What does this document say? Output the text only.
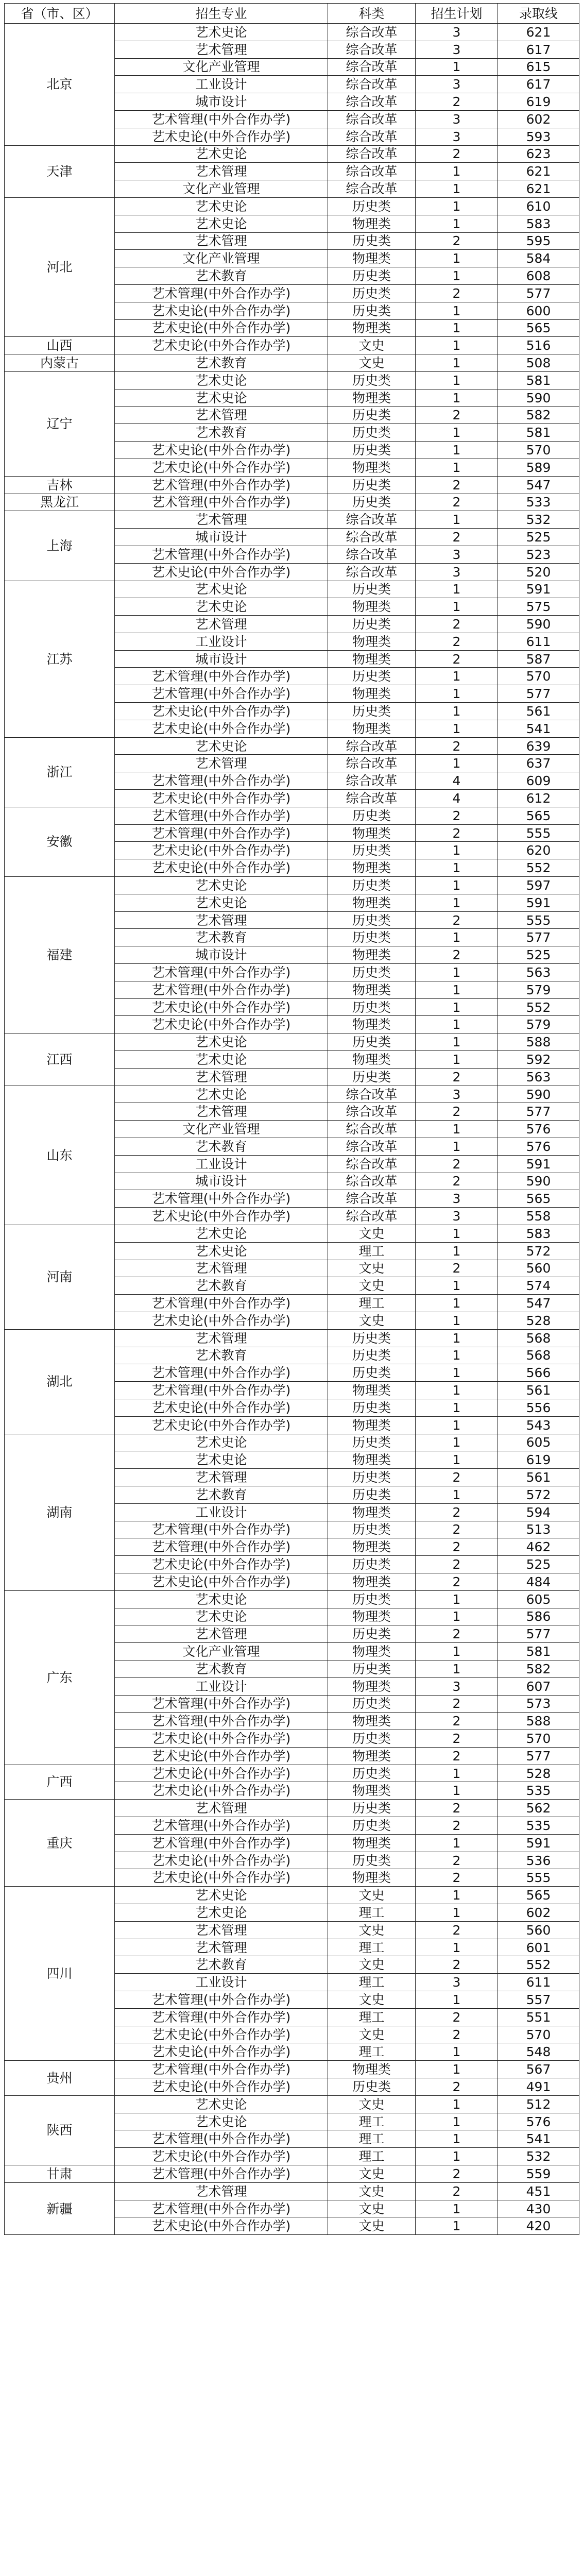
省（市、区）	招生专业	科类	招生计划	录取线
北京	艺术史论	综合改革	3	621
	艺术管理	综合改革	3	617
	文化产业管理	综合改革	1	615
	工业设计	综合改革	3	617
	城市设计	综合改革	2	619
	艺术管理(中外合作办学)	综合改革	3	602
	艺术史论(中外合作办学)	综合改革	3	593
天津	艺术史论	综合改革	2	623
	艺术管理	综合改革	1	621
	文化产业管理	综合改革	1	621
河北	艺术史论	历史类	1	610
	艺术史论	物理类	1	583
	艺术管理	历史类	2	595
	文化产业管理	物理类	1	584
	艺术教育	历史类	1	608
	艺术管理(中外合作办学)	历史类	2	577
	艺术史论(中外合作办学)	历史类	1	600
	艺术史论(中外合作办学)	物理类	1	565
山西	艺术史论(中外合作办学)	文史	1	516
内蒙古	艺术教育	文史	1	508
辽宁	艺术史论	历史类	1	581
	艺术史论	物理类	1	590
	艺术管理	历史类	2	582
	艺术教育	历史类	1	581
	艺术史论(中外合作办学)	历史类	1	570
	艺术史论(中外合作办学)	物理类	1	589
吉林	艺术管理(中外合作办学)	历史类	2	547
黑龙江	艺术管理(中外合作办学)	历史类	2	533
上海	艺术管理	综合改革	1	532
	城市设计	综合改革	2	525
	艺术管理(中外合作办学)	综合改革	3	523
	艺术史论(中外合作办学)	综合改革	3	520
江苏	艺术史论	历史类	1	591
	艺术史论	物理类	1	575
	艺术管理	历史类	2	590
	工业设计	物理类	2	611
	城市设计	物理类	2	587
	艺术管理(中外合作办学)	历史类	1	570
	艺术管理(中外合作办学)	物理类	1	577
	艺术史论(中外合作办学)	历史类	1	561
	艺术史论(中外合作办学)	物理类	1	541
浙江	艺术史论	综合改革	2	639
	艺术管理	综合改革	1	637
	艺术管理(中外合作办学)	综合改革	4	609
	艺术史论(中外合作办学)	综合改革	4	612
安徽	艺术管理(中外合作办学)	历史类	2	565
	艺术管理(中外合作办学)	物理类	2	555
	艺术史论(中外合作办学)	历史类	1	620
	艺术史论(中外合作办学)	物理类	1	552
福建	艺术史论	历史类	1	597
	艺术史论	物理类	1	591
	艺术管理	历史类	2	555
	艺术教育	历史类	1	577
	城市设计	物理类	2	525
	艺术管理(中外合作办学)	历史类	1	563
	艺术管理(中外合作办学)	物理类	1	579
	艺术史论(中外合作办学)	历史类	1	552
	艺术史论(中外合作办学)	物理类	1	579
江西	艺术史论	历史类	1	588
	艺术史论	物理类	1	592
	艺术管理	历史类	2	563
山东	艺术史论	综合改革	3	590
	艺术管理	综合改革	2	577
	文化产业管理	综合改革	1	576
	艺术教育	综合改革	1	576
	工业设计	综合改革	2	591
	城市设计	综合改革	2	590
	艺术管理(中外合作办学)	综合改革	3	565
	艺术史论(中外合作办学)	综合改革	3	558
河南	艺术史论	文史	1	583
	艺术史论	理工	1	572
	艺术管理	文史	2	560
	艺术教育	文史	1	574
	艺术管理(中外合作办学)	理工	1	547
	艺术史论(中外合作办学)	文史	1	528
湖北	艺术管理	历史类	1	568
	艺术教育	历史类	1	568
	艺术管理(中外合作办学)	历史类	1	566
	艺术管理(中外合作办学)	物理类	1	561
	艺术史论(中外合作办学)	历史类	1	556
	艺术史论(中外合作办学)	物理类	1	543
湖南	艺术史论	历史类	1	605
	艺术史论	物理类	1	619
	艺术管理	历史类	2	561
	艺术教育	历史类	1	572
	工业设计	物理类	2	594
	艺术管理(中外合作办学)	历史类	2	513
	艺术管理(中外合作办学)	物理类	2	462
	艺术史论(中外合作办学)	历史类	2	525
	艺术史论(中外合作办学)	物理类	2	484
广东	艺术史论	历史类	1	605
	艺术史论	物理类	1	586
	艺术管理	历史类	2	577
	文化产业管理	物理类	1	581
	艺术教育	历史类	1	582
	工业设计	物理类	3	607
	艺术管理(中外合作办学)	历史类	2	573
	艺术管理(中外合作办学)	物理类	2	588
	艺术史论(中外合作办学)	历史类	2	570
	艺术史论(中外合作办学)	物理类	2	577
广西	艺术史论(中外合作办学)	历史类	1	528
	艺术史论(中外合作办学)	物理类	1	535
重庆	艺术管理	历史类	2	562
	艺术管理(中外合作办学)	历史类	2	535
	艺术管理(中外合作办学)	物理类	1	591
	艺术史论(中外合作办学)	历史类	2	536
	艺术史论(中外合作办学)	物理类	2	555
四川	艺术史论	文史	1	565
	艺术史论	理工	1	602
	艺术管理	文史	2	560
	艺术管理	理工	1	601
	艺术教育	文史	2	552
	工业设计	理工	3	611
	艺术管理(中外合作办学)	文史	1	557
	艺术管理(中外合作办学)	理工	2	551
	艺术史论(中外合作办学)	文史	2	570
	艺术史论(中外合作办学)	理工	1	548
贵州	艺术管理(中外合作办学)	物理类	1	567
	艺术史论(中外合作办学)	历史类	2	491
陕西	艺术史论	文史	1	512
	艺术史论	理工	1	576
	艺术管理(中外合作办学)	理工	1	541
	艺术史论(中外合作办学)	理工	1	532
甘肃	艺术管理(中外合作办学)	文史	2	559
新疆	艺术管理	文史	2	451
	艺术管理(中外合作办学)	文史	1	430
	艺术史论(中外合作办学)	文史	1	420
